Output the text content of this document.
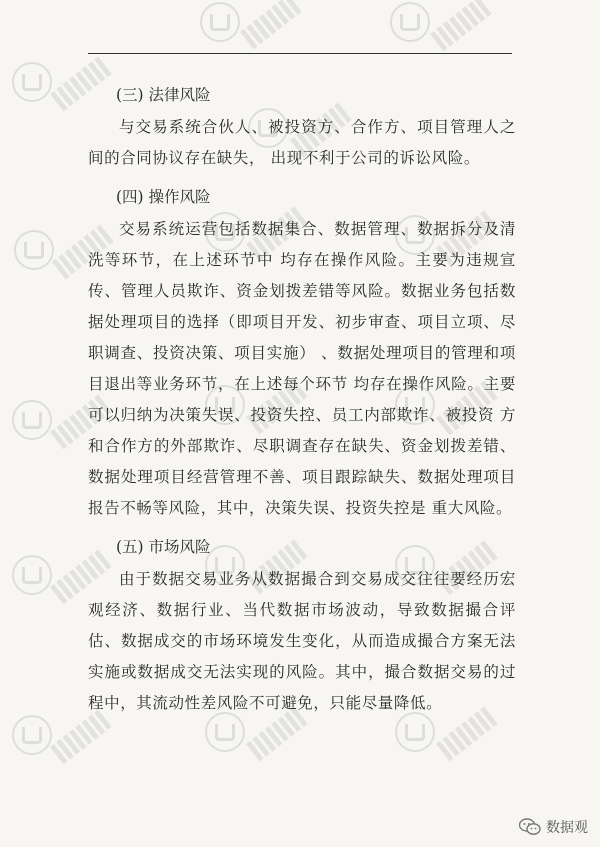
(三) 法律风险

与交易系统合伙人、被投资方、合作方、项目管理人之间的合同协议存在缺失， 出现不利于公司的诉讼风险。

(四) 操作风险

交易系统运营包括数据集合、数据管理、数据拆分及清洗等环节，在上述环节中 均存在操作风险。主要为违规宣传、管理人员欺诈、资金划拨差错等风险。数据业务包括数据处理项目的选择（即项目开发、初步审查、项目立项、尽职调查、投资决策、项目实施） 、数据处理项目的管理和项目退出等业务环节，在上述每个环节 均存在操作风险。主要可以归纳为决策失误、投资失控、员工内部欺诈、被投资 方和合作方的外部欺诈、尽职调查存在缺失、资金划拨差错、数据处理项目经营管理不善、项目跟踪缺失、数据处理项目报告不畅等风险，其中，决策失误、投资失控是 重大风险。

(五) 市场风险

由于数据交易业务从数据撮合到交易成交往往要经历宏观经济、数据行业、当代数据市场波动，导致数据撮合评估、数据成交的市场环境发生变化，从而造成撮合方案无法实施或数据成交无法实现的风险。其中，撮合数据交易的过程中，其流动性差风险不可避免，只能尽量降低。

数据观
